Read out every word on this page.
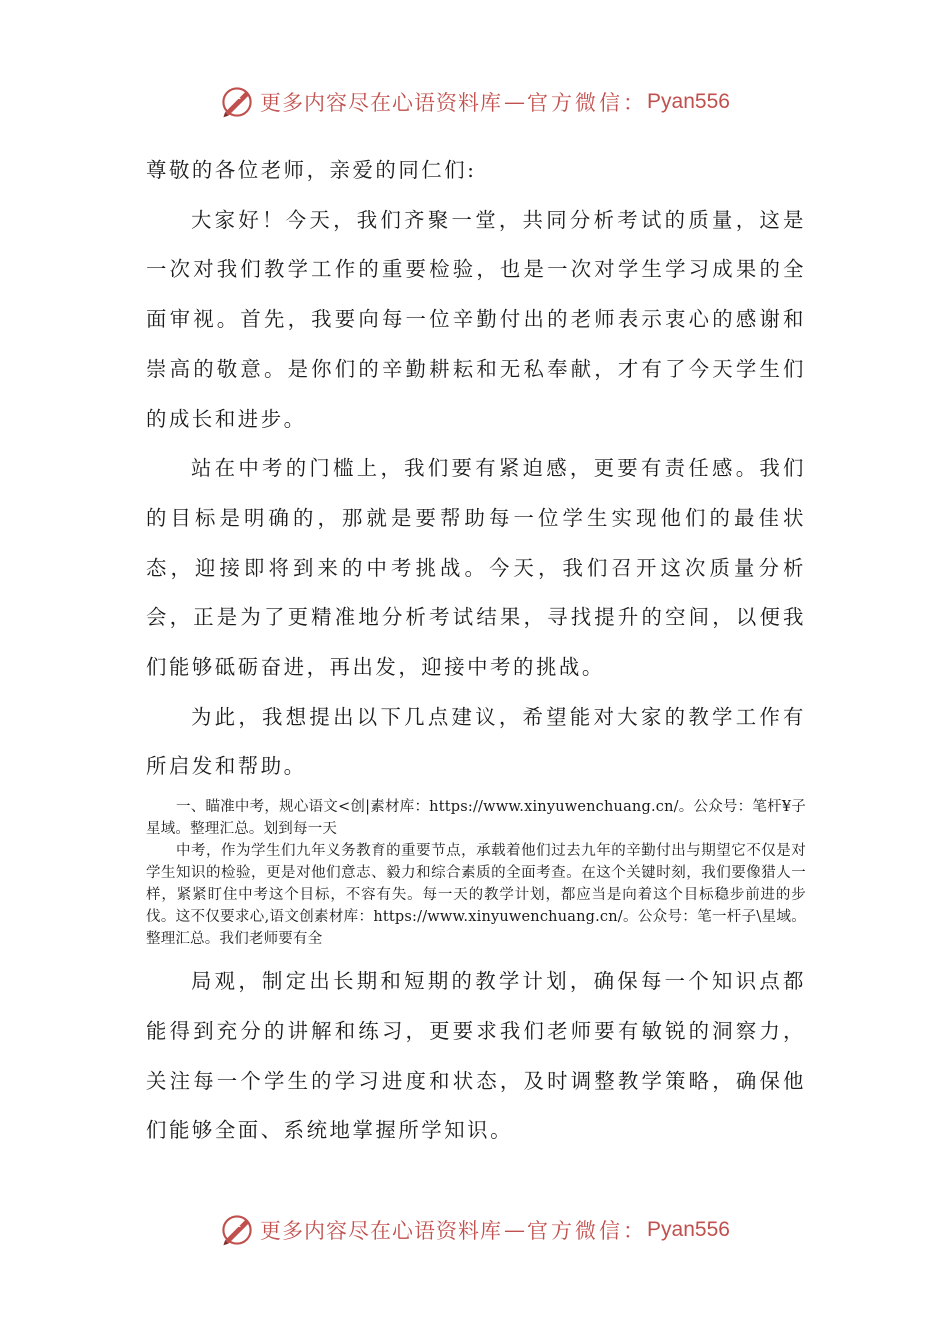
更多内容尽在心语资料库 — 官方微信： Pyan556

尊敬的各位老师，亲爱的同仁们:

大家好！今天，我们齐聚一堂，共同分析考试的质量，这是一次对我们教学工作的重要检验，也是一次对学生学习成果的全面审视。首先，我要向每一位辛勤付出的老师表示衷心的感谢和崇高的敬意。是你们的辛勤耕耘和无私奉献，才有了今天学生们的成长和进步。

站在中考的门槛上，我们要有紧迫感，更要有责任感。我们的目标是明确的，那就是要帮助每一位学生实现他们的最佳状态，迎接即将到来的中考挑战。今天，我们召开这次质量分析会，正是为了更精准地分析考试结果，寻找提升的空间，以便我们能够砥砺奋进，再出发，迎接中考的挑战。

为此，我想提出以下几点建议，希望能对大家的教学工作有所启发和帮助。

一、瞄准中考，规心语文<创|素材库：https://www.xinyuwenchuang.cn/。公众号：笔杆¥子星域。整理汇总。划到每一天

中考，作为学生们九年义务教育的重要节点，承载着他们过去九年的辛勤付出与期望它不仅是对学生知识的检验，更是对他们意志、毅力和综合素质的全面考查。在这个关键时刻，我们要像猎人一样，紧紧盯住中考这个目标，不容有失。每一天的教学计划，都应当是向着这个目标稳步前进的步伐。这不仅要求心,语文创素材库：https://www.xinyuwenchuang.cn/。公众号：笔一杆子\星域。整理汇总。我们老师要有全

局观，制定出长期和短期的教学计划，确保每一个知识点都能得到充分的讲解和练习，更要求我们老师要有敏锐的洞察力，关注每一个学生的学习进度和状态，及时调整教学策略，确保他们能够全面、系统地掌握所学知识。

更多内容尽在心语资料库 — 官方微信： Pyan556
